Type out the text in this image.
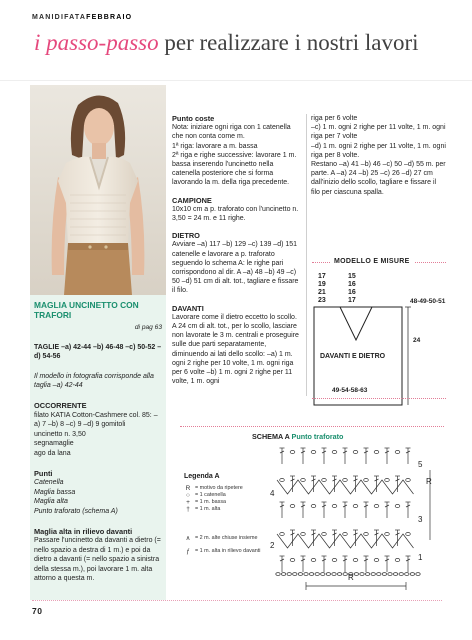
MANIDIFATAFEBBRAIO
i passo-passo per realizzare i nostri lavori

MAGLIA UNCINETTO CON TRAFORI

di pag 63

TAGLIE –a) 42-44 –b) 46-48 –c) 50-52 –d) 54-56

Il modello in fotografia corrisponde alla taglia –a) 42-44

OCCORRENTE

filato KATIA Cotton-Cashmere col. 85: –a) 7 –b) 8 –c) 9 –d) 9 gomitoli

uncinetto n. 3,50

segnamaglie

ago da lana

Punti

Catenella

Maglia bassa

Maglia alta

Punto traforato (schema A)

Maglia alta in rilievo davanti

Passare l'uncinetto da davanti a dietro (= nello spazio a destra di 1 m.) e poi da dietro a davanti (= nello spazio a sinistra della stessa m.), poi lavorare 1 m. alta attorno a questa m.

Punto coste

Nota: iniziare ogni riga con 1 catenella che non conta come m.

1ª riga: lavorare a m. bassa

2ª riga e righe successive: lavorare 1 m. bassa inserendo l'uncinetto nella catenella posteriore che si forma lavorando la m. della riga precedente.

CAMPIONE

10x10 cm a p. traforato con l'uncinetto n. 3,50 = 24 m. e 11 righe.

DIETRO

Avviare –a) 117 –b) 129 –c) 139 –d) 151 catenelle e lavorare a p. traforato seguendo lo schema A: le righe pari corrispondono al dir. A –a) 48 –b) 49 –c) 50 –d) 51 cm di alt. tot., tagliare e fissare il filo.

DAVANTI

Lavorare come il dietro eccetto lo scollo. A 24 cm di alt. tot., per lo scollo, lasciare non lavorate le 3 m. centrali e proseguire sulle due parti separatamente, diminuendo ai lati dello scollo: –a) 1 m. ogni 2 righe per 10 volte, 1 m. ogni riga per 6 volte –b) 1 m. ogni 2 righe per 11 volte, 1 m. ogni

riga per 6 volte

–c) 1 m. ogni 2 righe per 11 volte, 1 m. ogni riga per 7 volte

–d) 1 m. ogni 2 righe per 11 volte, 1 m. ogni riga per 8 volte.

Restano –a) 41 –b) 46 –c) 50 –d) 55 m. per parte. A –a) 24 –b) 25 –c) 26 –d) 27 cm dall'inizio dello scollo, tagliare e fissare il filo per ciascuna spalla.

MODELLO E MISURE
17
19
21
23
15
16
16
17	48-49-50-51
24
DAVANTI E DIETRO
49-54-58-63
SCHEMA A Punto traforato

Legenda A

R = motivo da ripetere
○ = 1 catenella
+ = 1 m. bassa
† = 1 m. alta
∧ = 2 m. alte chiuse insieme
ƒ = 1 m. alta in rilievo davanti
5
4
3
2
1
R
R
70
